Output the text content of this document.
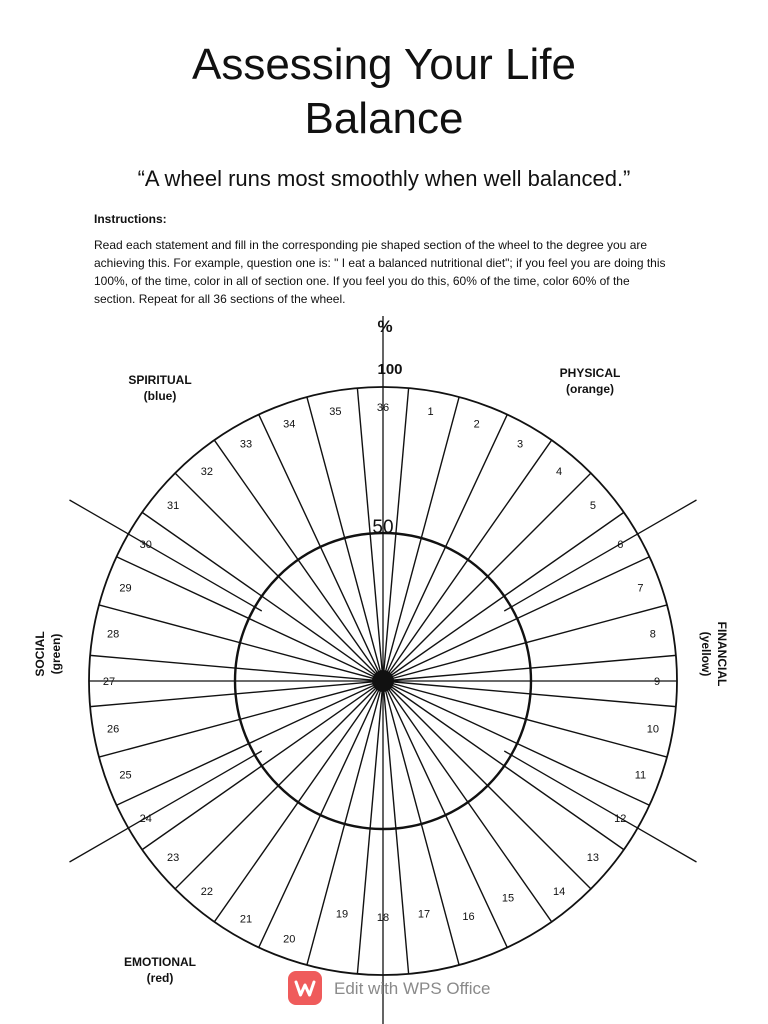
Assessing Your Life
Balance
“A wheel runs most smoothly when well balanced.”
Instructions:
Read each statement and fill in the corresponding pie shaped section of the wheel to the degree you are achieving this. For example, question one is: " I eat a balanced nutritional diet"; if you feel you are doing this 100%, of the time, color in all of section one. If you feel you do this, 60% of the time, color 60% of the section. Repeat for all 36 sections of the wheel.
1
2
3
4
5
6
7
8
9
10
11
12
13
14
15
16
17
18
19
20
21
22
23
24
25
26
27
28
29
30
31
32
33
34
35	36
%
100
50
SPIRITUAL
(blue)
PHYSICAL
(orange)
SOCIAL (green)	FINANCIAL
(yellow)
EMOTIONAL
(red)
Edit with WPS Office
